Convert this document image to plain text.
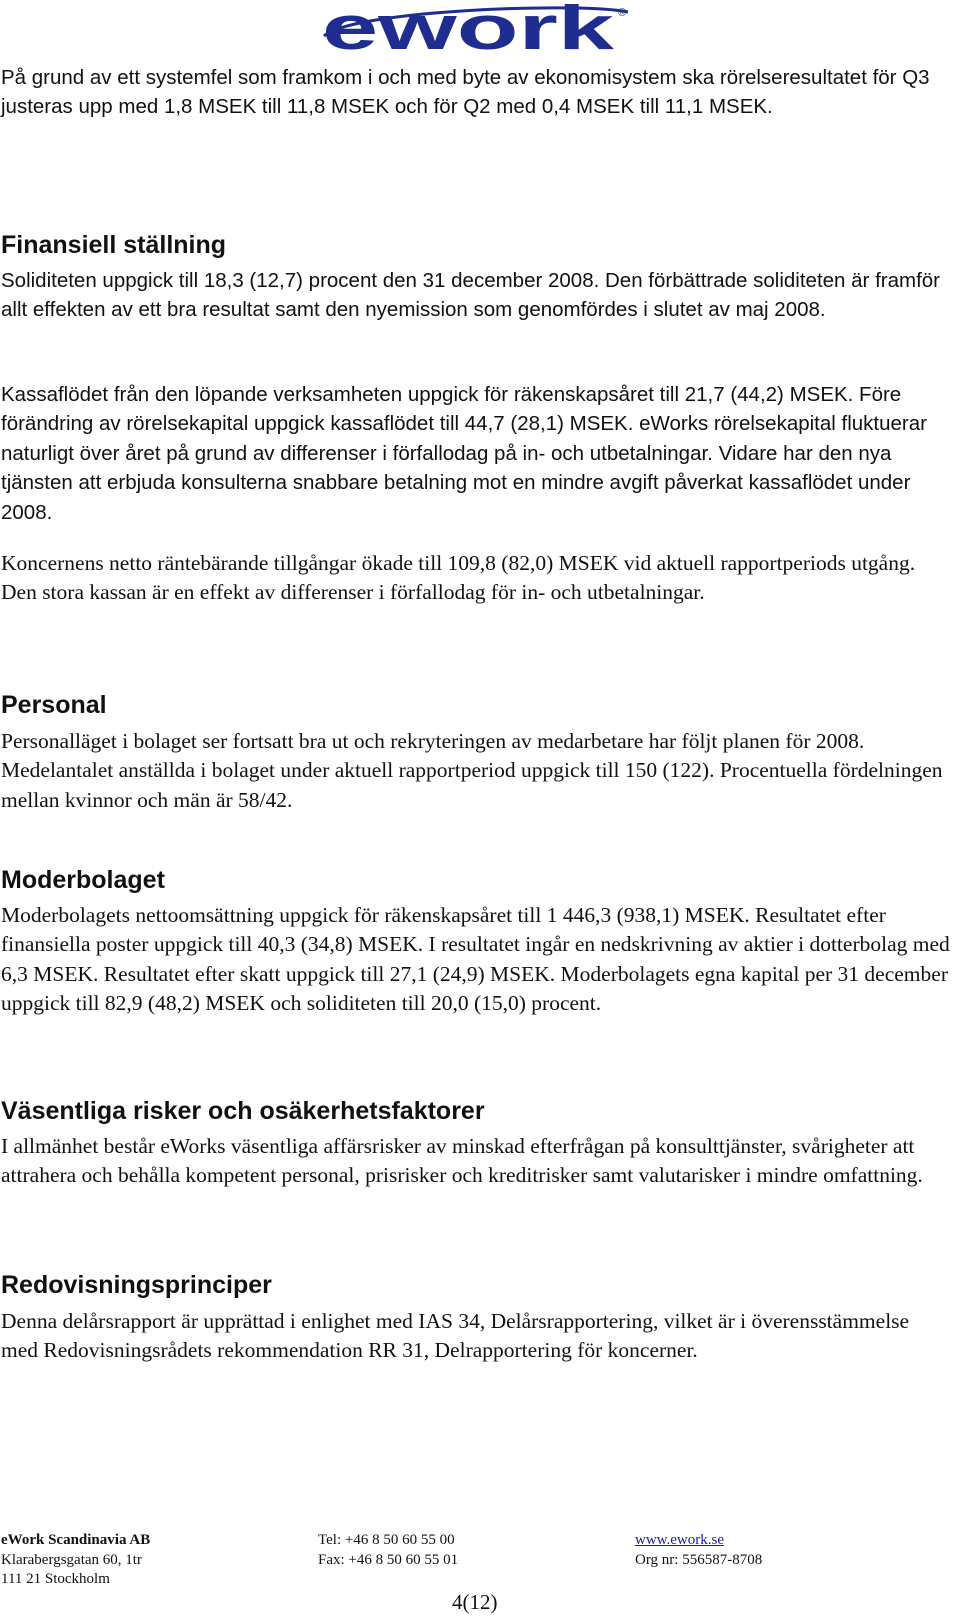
ework ®

På grund av ett systemfel som framkom i och med byte av ekonomisystem ska rörelseresultatet för Q3 justeras upp med 1,8 MSEK till 11,8 MSEK och för Q2 med 0,4 MSEK till 11,1 MSEK.

Finansiell ställning

Soliditeten uppgick till 18,3 (12,7) procent den 31 december 2008. Den förbättrade soliditeten är framför allt effekten av ett bra resultat samt den nyemission som genomfördes i slutet av maj 2008.

Kassaflödet från den löpande verksamheten uppgick för räkenskapsåret till 21,7 (44,2) MSEK. Före förändring av rörelsekapital uppgick kassaflödet till 44,7 (28,1) MSEK. eWorks rörelsekapital fluktuerar naturligt över året på grund av differenser i förfallodag på in- och utbetalningar. Vidare har den nya tjänsten att erbjuda konsulterna snabbare betalning mot en mindre avgift påverkat kassaflödet under 2008.

Koncernens netto räntebärande tillgångar ökade till 109,8 (82,0) MSEK vid aktuell rapportperiods utgång. Den stora kassan är en effekt av differenser i förfallodag för in- och utbetalningar.

Personal

Personalläget i bolaget ser fortsatt bra ut och rekryteringen av medarbetare har följt planen för 2008. Medelantalet anställda i bolaget under aktuell rapportperiod uppgick till 150 (122). Procentuella fördelningen mellan kvinnor och män är 58/42.

Moderbolaget

Moderbolagets nettoomsättning uppgick för räkenskapsåret till 1 446,3 (938,1) MSEK. Resultatet efter finansiella poster uppgick till 40,3 (34,8) MSEK. I resultatet ingår en nedskrivning av aktier i dotterbolag med 6,3 MSEK. Resultatet efter skatt uppgick till 27,1 (24,9) MSEK. Moderbolagets egna kapital per 31 december uppgick till 82,9 (48,2) MSEK och soliditeten till 20,0 (15,0) procent.

Väsentliga risker och osäkerhetsfaktorer

I allmänhet består eWorks väsentliga affärsrisker av minskad efterfrågan på konsulttjänster, svårigheter att attrahera och behålla kompetent personal, prisrisker och kreditrisker samt valutarisker i mindre omfattning.

Redovisningsprinciper

Denna delårsrapport är upprättad i enlighet med IAS 34, Delårsrapportering, vilket är i överensstämmelse med Redovisningsrådets rekommendation RR 31, Delrapportering för koncerner.

eWork Scandinavia AB
Klarabergsgatan 60, 1tr
111 21 Stockholm
Tel: +46 8 50 60 55 00
Fax: +46 8 50 60 55 01
www.ework.se
Org nr: 556587-8708
4(12)
